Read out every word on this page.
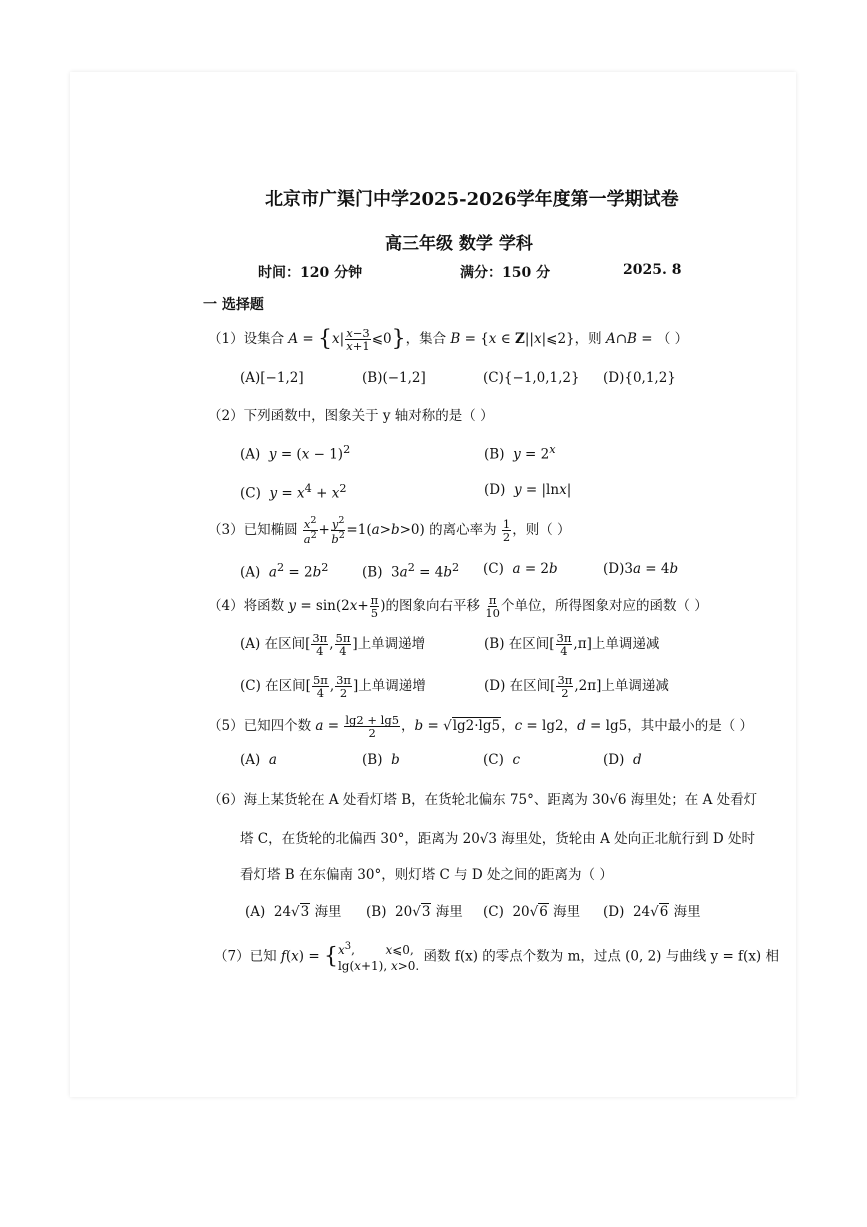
北京市广渠门中学2025-2026学年度第一学期试卷
高三年级 数学 学科
时间：120 分钟	满分：150 分	2025. 8
一 选择题
（1）设集合 $A = \{x| \frac{x-3}{x+1}$ ⩽0}，集合 B = {x ∈ Z||x|⩽2}，则 A∩B = （ ）
(A)[−1,2]	(B)(−1,2]	(C){−1,0,1,2} (D){0,1,2}
（2）下列函数中，图象关于 y 轴对称的是（ ）
(A) $y = (x - 1)^2$	(B) $y = 2^x$
(C) $y = x^4 + x^2$	(D) y = |lnx|
（3）已知椭圆 $\frac{x^2}{a^2} + \frac{y^2}{b^2} =1(a>b>0)$ 的离心率为 $\frac{1}{2}$ ，则（ ）
(A) $a^2 = 2b^2$ (B)  $3a^2 = 4b^2$ (C) a = 2b	(D)3a = 4b
（4）将函数 $y = \sin(2x+ \frac{\pi}{5}$ )的图象向右平移 $\frac{\pi}{10}$ 个单位，所得图象对应的函数（ ）
(A) 在区间[ $\frac{3\pi}{4}$ , $\frac{5\pi}{4}$ ]上单调递增	(B) 在区间[ $\frac{3\pi}{4} ,\pi$]上单调递减
(C) 在区间[ $\frac{5\pi}{4}$ , $\frac{3\pi}{2}$ ]上单调递增	(D) 在区间[ $\frac{3\pi}{2} ,2\pi$]上单调递减
（5）已知四个数 $a = \frac{\lg 2 + \lg 5}{2}$ ，b = √lg2·lg5，c = lg2，d = lg5，其中最小的是（ ）
(A) a	(B) b	(C) c	(D) d
（6）海上某货轮在 A 处看灯塔 B，在货轮北偏东 75°、距离为 30√6 海里处；在 A 处看灯
塔 C，在货轮的北偏西 30°，距离为 20√3 海里处，货轮由 A 处向正北航行到 D 处时
看灯塔 B 在东偏南 30°，则灯塔 C 与 D 处之间的距离为（ ）
(A)  24√3 海里 (B)  20√3 海里 (C)  20√6 海里 (D)  24√6 海里
（7）已知 f(x) = { $x^3$,        x⩽0,
lg(x+1), x>0.
函数 f(x) 的零点个数为 m，过点 (0, 2) 与曲线 y = f(x) 相
